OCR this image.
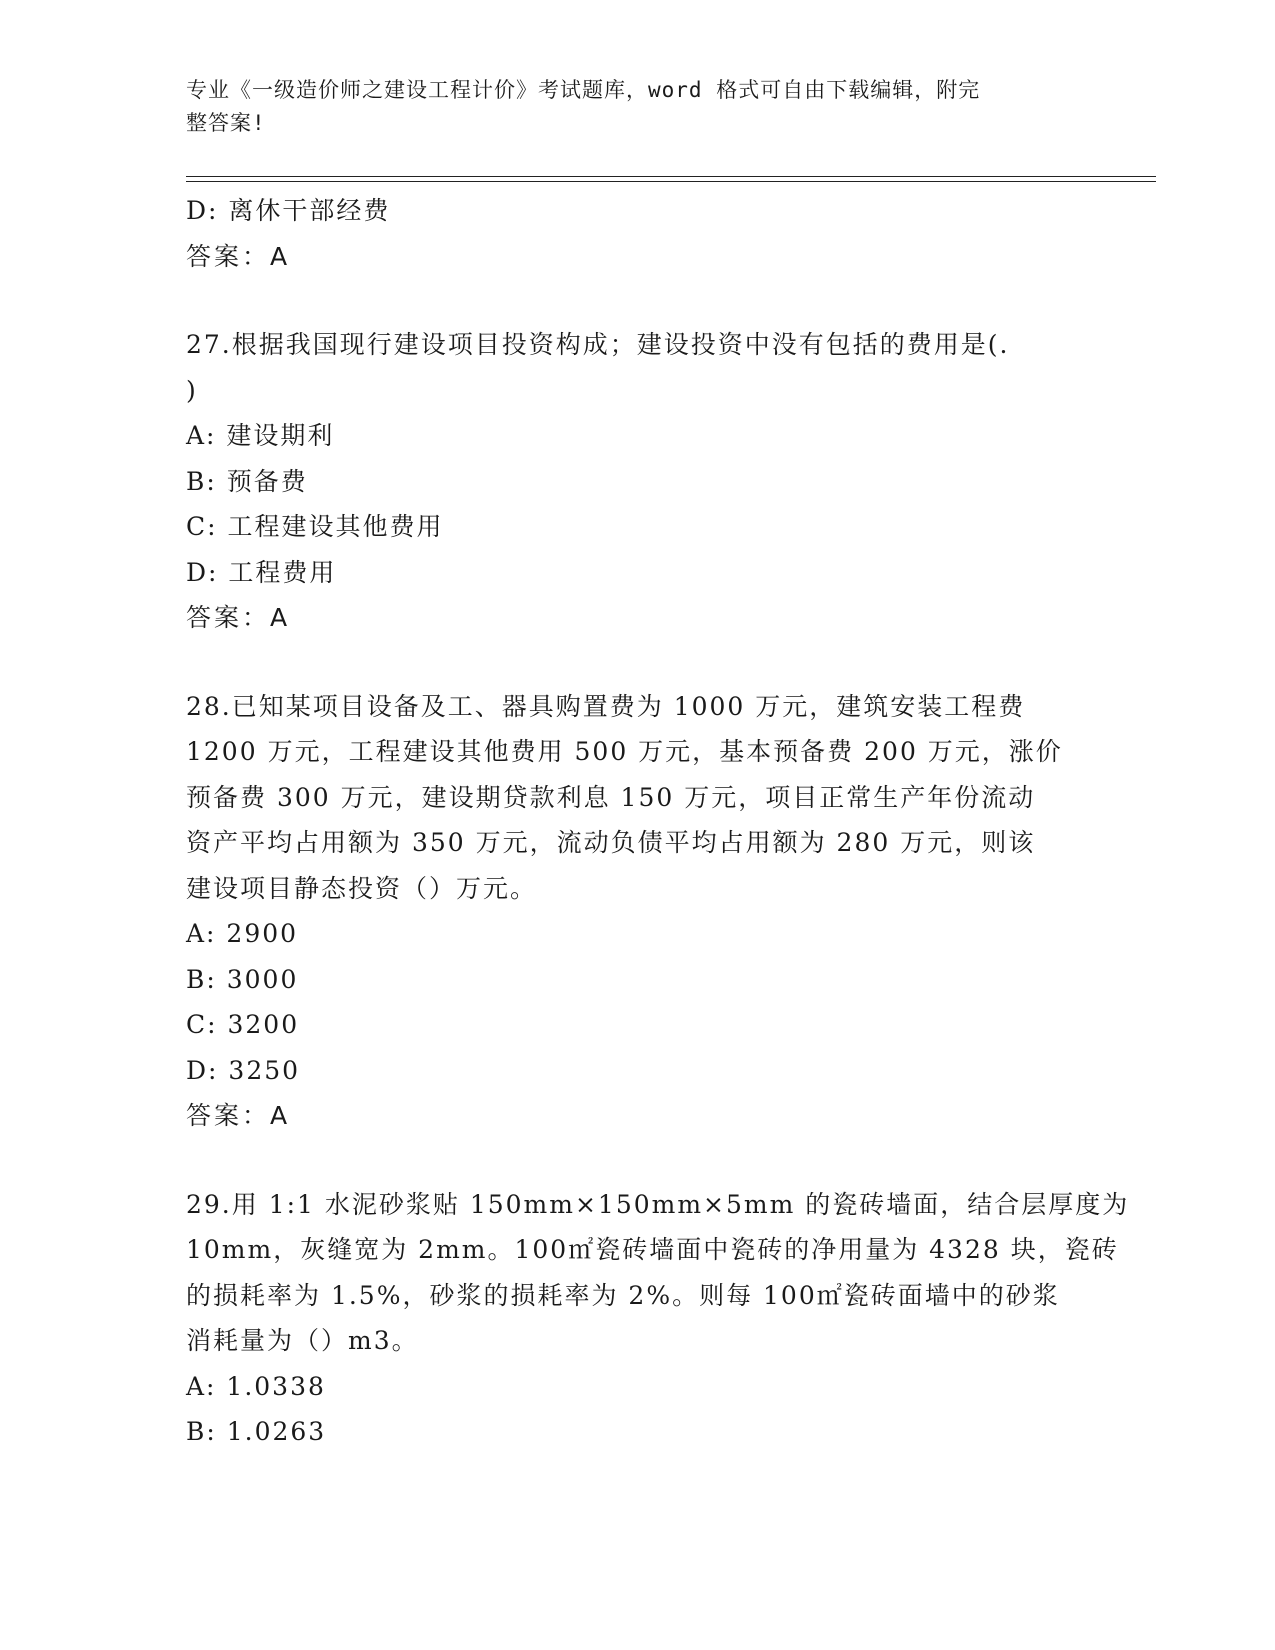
专业《一级造价师之建设工程计价》考试题库，word 格式可自由下载编辑，附完
整答案!
D: 离休干部经费
答案：A
27.根据我国现行建设项目投资构成；建设投资中没有包括的费用是(.
)
A: 建设期利
B: 预备费
C: 工程建设其他费用
D: 工程费用
答案：A
28.已知某项目设备及工、器具购置费为 1000 万元，建筑安装工程费
1200 万元，工程建设其他费用 500 万元，基本预备费 200 万元，涨价
预备费 300 万元，建设期贷款利息 150 万元，项目正常生产年份流动
资产平均占用额为 350 万元，流动负债平均占用额为 280 万元，则该
建设项目静态投资（）万元。
A: 2900
B: 3000
C: 3200
D: 3250
答案：A
29.用 1:1 水泥砂浆贴 150mm×150mm×5mm 的瓷砖墙面，结合层厚度为
10mm，灰缝宽为 2mm。100㎡瓷砖墙面中瓷砖的净用量为 4328 块，瓷砖
的损耗率为 1.5%，砂浆的损耗率为 2%。则每 100㎡瓷砖面墙中的砂浆
消耗量为（）m3。
A: 1.0338
B: 1.0263
